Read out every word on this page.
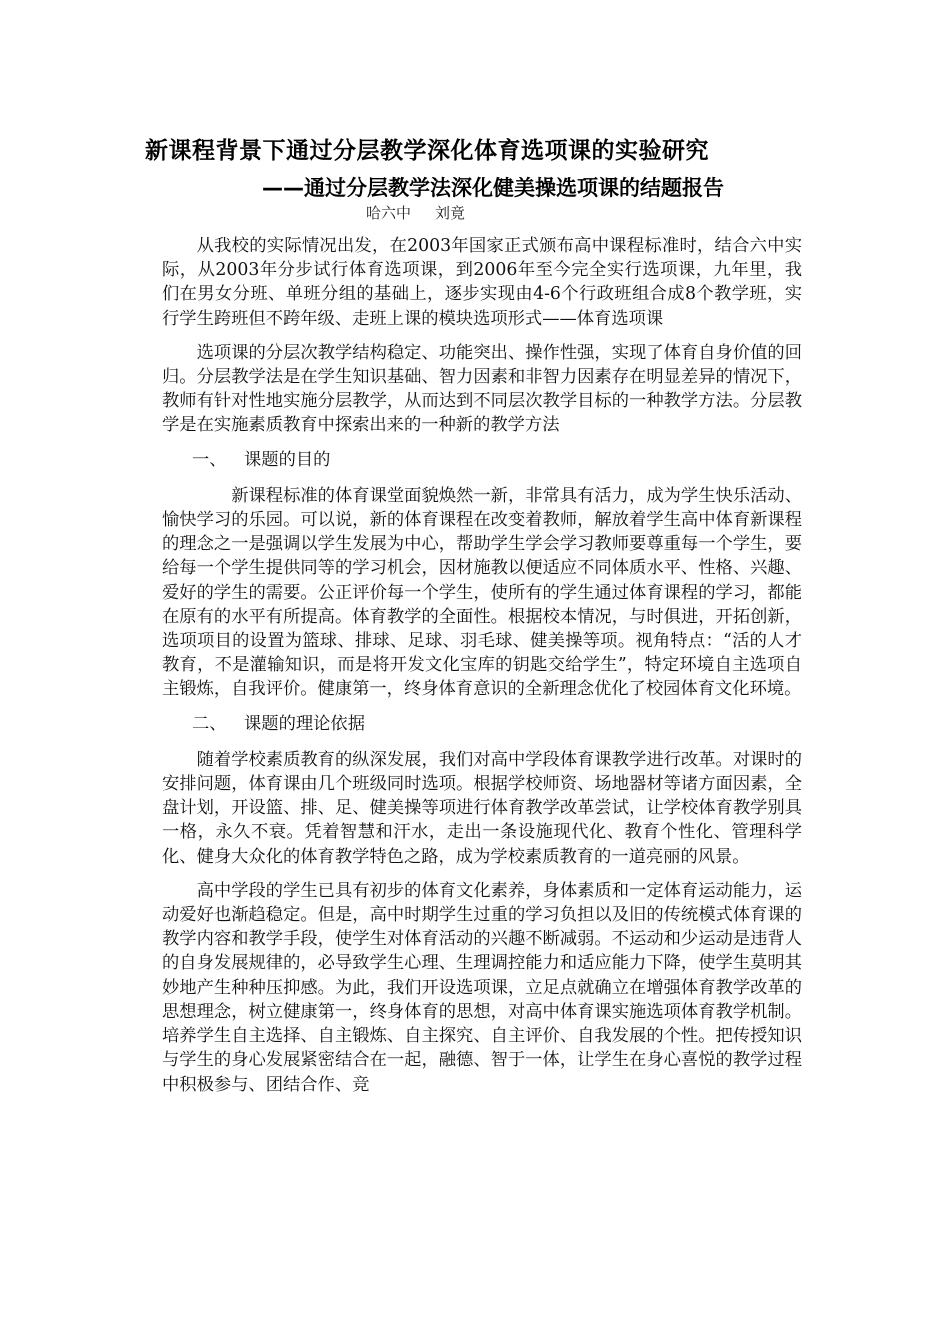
新课程背景下通过分层教学深化体育选项课的实验研究
——通过分层教学法深化健美操选项课的结题报告
哈六中 刘竟

从我校的实际情况出发，在2003年国家正式颁布高中课程标准时，结合六中实际，从2003年分步试行体育选项课，到2006年至今完全实行选项课，九年里，我们在男女分班、单班分组的基础上，逐步实现由4-6个行政班组合成8个教学班，实行学生跨班但不跨年级、走班上课的模块选项形式——体育选项课

选项课的分层次教学结构稳定、功能突出、操作性强，实现了体育自身价值的回归。分层教学法是在学生知识基础、智力因素和非智力因素存在明显差异的情况下，教师有针对性地实施分层教学，从而达到不同层次教学目标的一种教学方法。分层教学是在实施素质教育中探索出来的一种新的教学方法

一、 课题的目的

新课程标准的体育课堂面貌焕然一新，非常具有活力，成为学生快乐活动、愉快学习的乐园。可以说，新的体育课程在改变着教师，解放着学生高中体育新课程的理念之一是强调以学生发展为中心，帮助学生学会学习教师要尊重每一个学生，要给每一个学生提供同等的学习机会，因材施教以便适应不同体质水平、性格、兴趣、爱好的学生的需要。公正评价每一个学生，使所有的学生通过体育课程的学习，都能在原有的水平有所提高。体育教学的全面性。根据校本情况，与时俱进，开拓创新，选项项目的设置为篮球、排球、足球、羽毛球、健美操等项。视角特点：“活的人才教育，不是灌输知识，而是将开发文化宝库的钥匙交给学生”，特定环境自主选项自主锻炼，自我评价。健康第一，终身体育意识的全新理念优化了校园体育文化环境。

二、 课题的理论依据

随着学校素质教育的纵深发展，我们对高中学段体育课教学进行改革。对课时的安排问题，体育课由几个班级同时选项。根据学校师资、场地器材等诸方面因素，全盘计划，开设篮、排、足、健美操等项进行体育教学改革尝试，让学校体育教学别具一格，永久不衰。凭着智慧和汗水，走出一条设施现代化、教育个性化、管理科学化、健身大众化的体育教学特色之路，成为学校素质教育的一道亮丽的风景。

高中学段的学生已具有初步的体育文化素养，身体素质和一定体育运动能力，运动爱好也渐趋稳定。但是，高中时期学生过重的学习负担以及旧的传统模式体育课的教学内容和教学手段，使学生对体育活动的兴趣不断减弱。不运动和少运动是违背人的自身发展规律的，必导致学生心理、生理调控能力和适应能力下降，使学生莫明其妙地产生种种压抑感。为此，我们开设选项课，立足点就确立在增强体育教学改革的思想理念，树立健康第一，终身体育的思想，对高中体育课实施选项体育教学机制。培养学生自主选择、自主锻炼、自主探究、自主评价、自我发展的个性。把传授知识与学生的身心发展紧密结合在一起，融德、智于一体，让学生在身心喜悦的教学过程中积极参与、团结合作、竞
